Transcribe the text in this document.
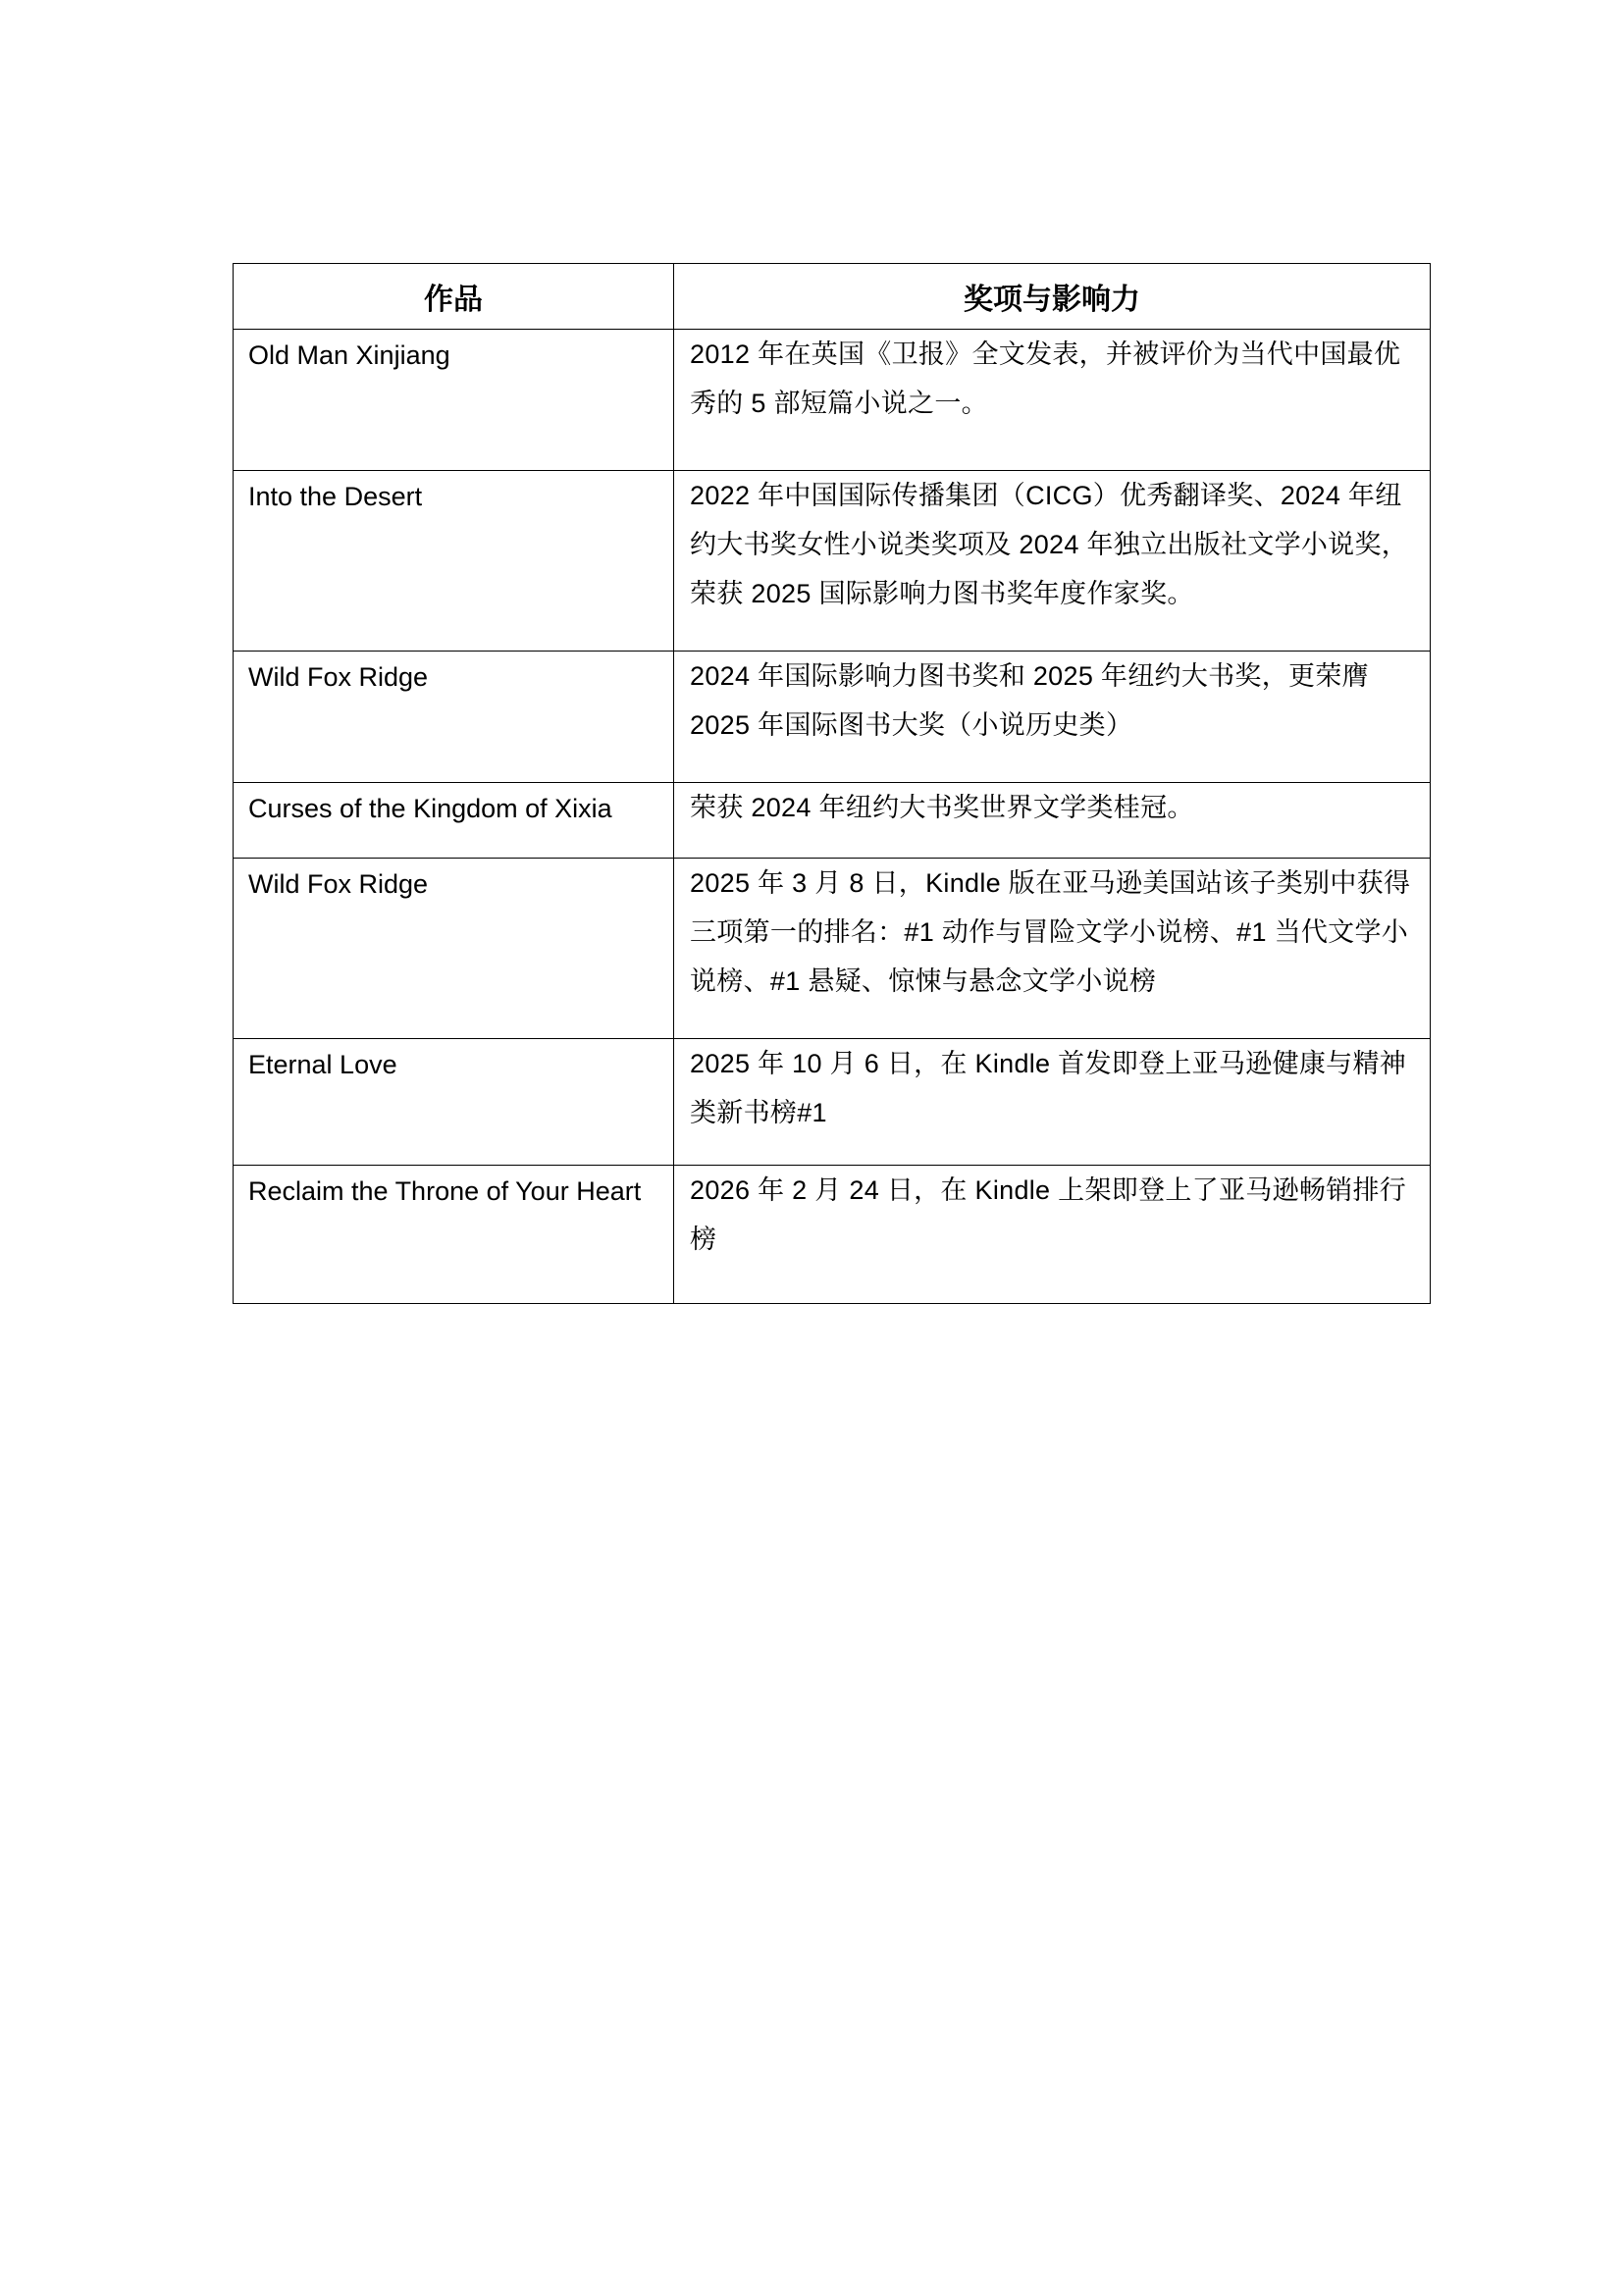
作品	奖项与影响力
Old Man Xinjiang	2012 年在英国《卫报》全文发表，并被评价为当代中国最优秀的 5 部短篇小说之一。
Into the Desert	2022 年中国国际传播集团（CICG）优秀翻译奖、2024 年纽约大书奖女性小说类奖项及 2024 年独立出版社文学小说奖，荣获 2025 国际影响力图书奖年度作家奖。
Wild Fox Ridge	2024 年国际影响力图书奖和 2025 年纽约大书奖，更荣膺 2025 年国际图书大奖（小说历史类）
Curses of the Kingdom of Xixia	荣获 2024 年纽约大书奖世界文学类桂冠。
Wild Fox Ridge	2025 年 3 月 8 日，Kindle 版在亚马逊美国站该子类别中获得三项第一的排名：#1 动作与冒险文学小说榜、#1 当代文学小说榜、#1 悬疑、惊悚与悬念文学小说榜
Eternal Love	2025 年 10 月 6 日，在 Kindle 首发即登上亚马逊健康与精神类新书榜#1
Reclaim the Throne of Your Heart	2026 年 2 月 24 日，在 Kindle 上架即登上了亚马逊畅销排行榜
